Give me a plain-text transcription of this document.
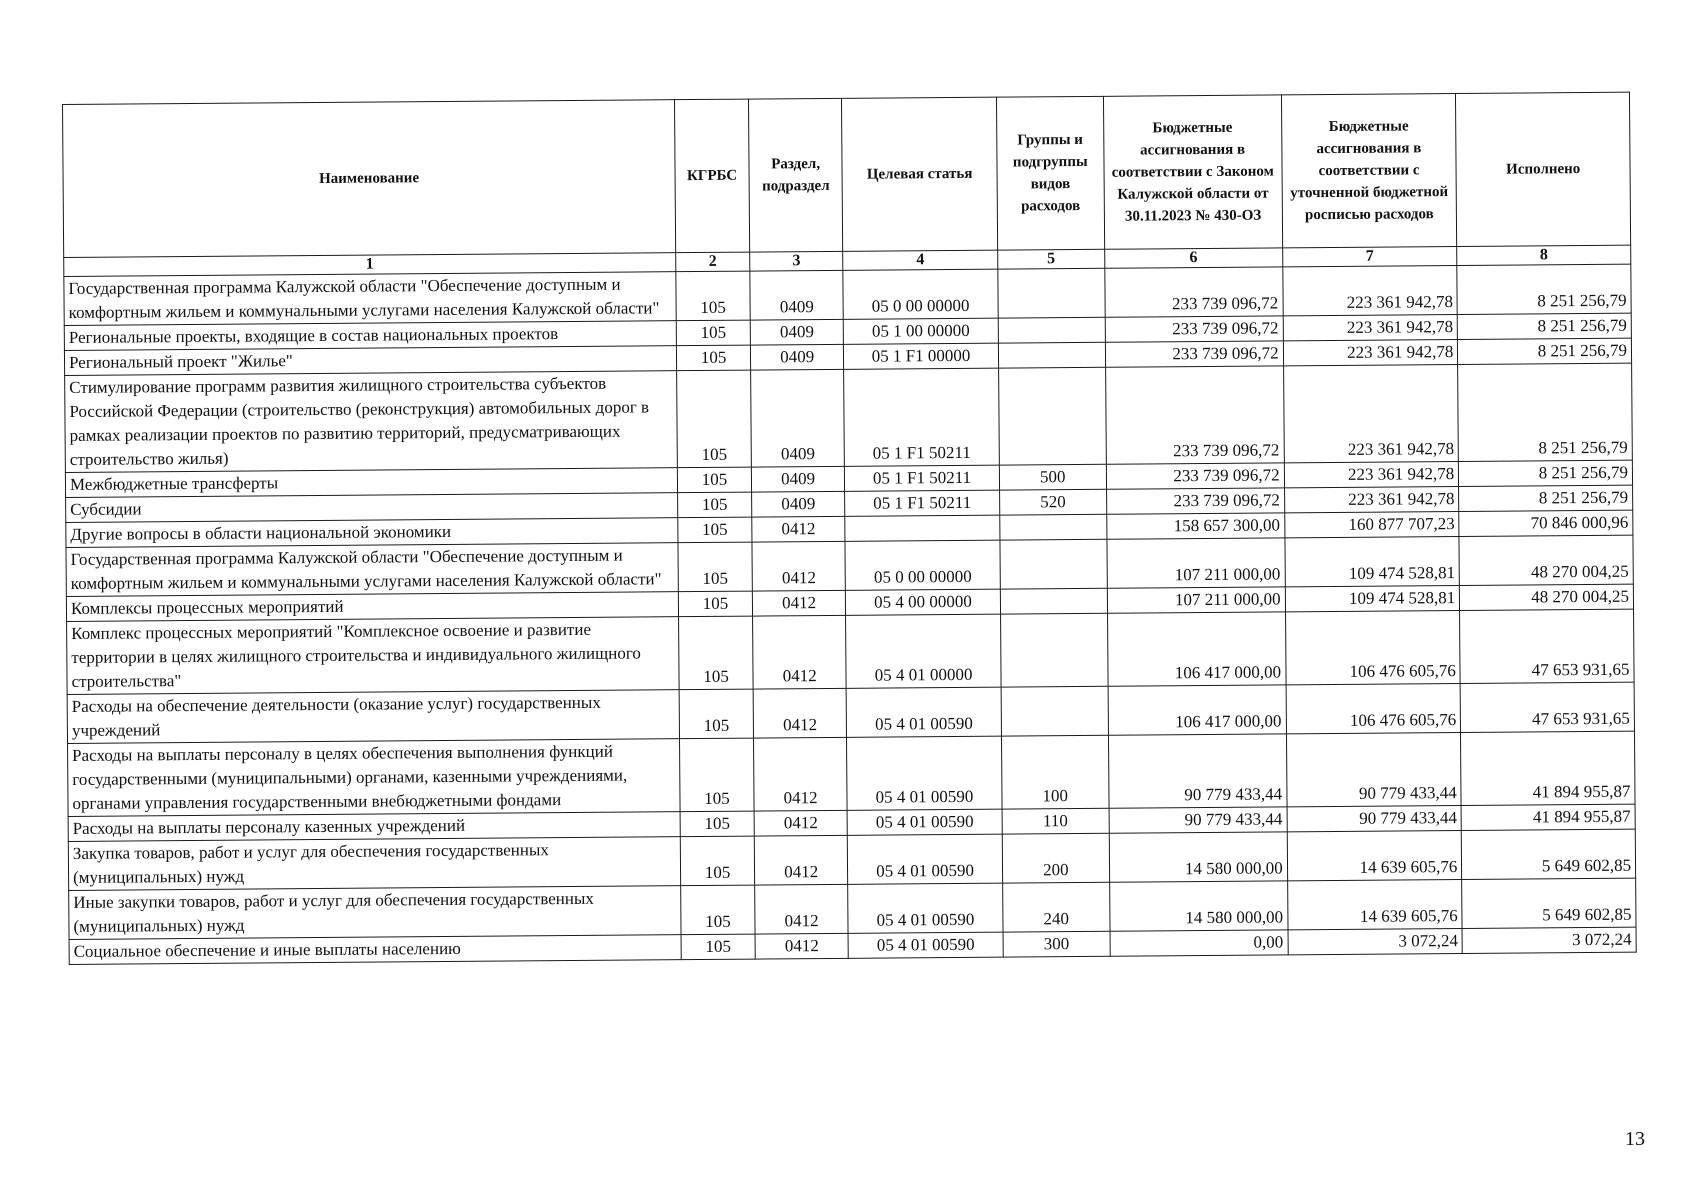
Наименование	КГРБС	Раздел, подраздел	Целевая статья	Группы и подгруппы видов расходов	Бюджетные ассигнования в соответствии с Законом Калужской области от 30.11.2023 № 430-ОЗ	Бюджетные ассигнования в соответствии с уточненной бюджетной росписью расходов	Исполнено
1	2	3	4	5	6	7	8
Государственная программа Калужской области "Обеспечение доступным и комфортным жильем и коммунальными услугами населения Калужской области"	105	0409	05 0 00 00000		233 739 096,72	223 361 942,78	8 251 256,79
Региональные проекты, входящие в состав национальных проектов	105	0409	05 1 00 00000		233 739 096,72	223 361 942,78	8 251 256,79
Региональный проект "Жилье"	105	0409	05 1 F1 00000		233 739 096,72	223 361 942,78	8 251 256,79
Стимулирование программ развития жилищного строительства субъектов Российской Федерации (строительство (реконструкция) автомобильных дорог в рамках реализации проектов по развитию территорий, предусматривающих строительство жилья)	105	0409	05 1 F1 50211		233 739 096,72	223 361 942,78	8 251 256,79
Межбюджетные трансферты	105	0409	05 1 F1 50211	500	233 739 096,72	223 361 942,78	8 251 256,79
Субсидии	105	0409	05 1 F1 50211	520	233 739 096,72	223 361 942,78	8 251 256,79
Другие вопросы в области национальной экономики	105	0412			158 657 300,00	160 877 707,23	70 846 000,96
Государственная программа Калужской области "Обеспечение доступным и комфортным жильем и коммунальными услугами населения Калужской области"	105	0412	05 0 00 00000		107 211 000,00	109 474 528,81	48 270 004,25
Комплексы процессных мероприятий	105	0412	05 4 00 00000		107 211 000,00	109 474 528,81	48 270 004,25
Комплекс процессных мероприятий "Комплексное освоение и развитие территории в целях жилищного строительства и индивидуального жилищного строительства"	105	0412	05 4 01 00000		106 417 000,00	106 476 605,76	47 653 931,65
Расходы на обеспечение деятельности (оказание услуг) государственных учреждений	105	0412	05 4 01 00590		106 417 000,00	106 476 605,76	47 653 931,65
Расходы на выплаты персоналу в целях обеспечения выполнения функций государственными (муниципальными) органами, казенными учреждениями, органами управления государственными внебюджетными фондами	105	0412	05 4 01 00590	100	90 779 433,44	90 779 433,44	41 894 955,87
Расходы на выплаты персоналу казенных учреждений	105	0412	05 4 01 00590	110	90 779 433,44	90 779 433,44	41 894 955,87
Закупка товаров, работ и услуг для обеспечения государственных (муниципальных) нужд	105	0412	05 4 01 00590	200	14 580 000,00	14 639 605,76	5 649 602,85
Иные закупки товаров, работ и услуг для обеспечения государственных (муниципальных) нужд	105	0412	05 4 01 00590	240	14 580 000,00	14 639 605,76	5 649 602,85
Социальное обеспечение и иные выплаты населению	105	0412	05 4 01 00590	300	0,00	3 072,24	3 072,24
13
